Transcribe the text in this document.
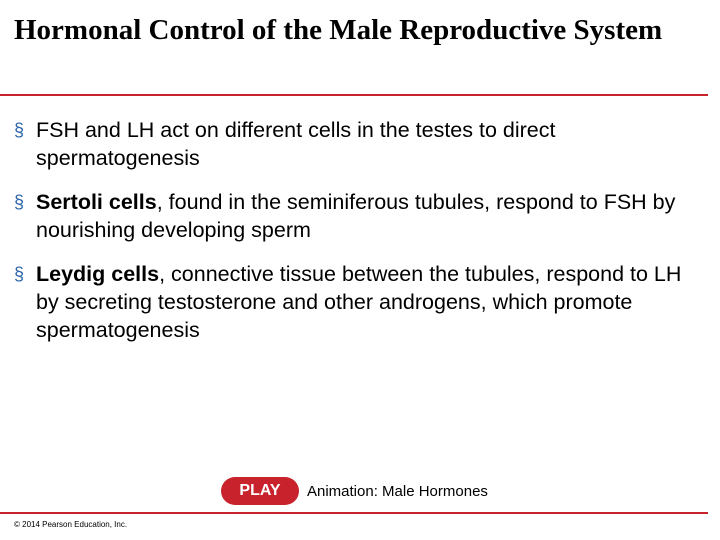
Hormonal Control of the Male Reproductive System
§ FSH and LH act on different cells in the testes to direct spermatogenesis
§ Sertoli cells, found in the seminiferous tubules, respond to FSH by nourishing developing sperm
§ Leydig cells, connective tissue between the tubules, respond to LH by secreting testosterone and other androgens, which promote spermatogenesis
PLAY	Animation: Male Hormones
© 2014 Pearson Education, Inc.
